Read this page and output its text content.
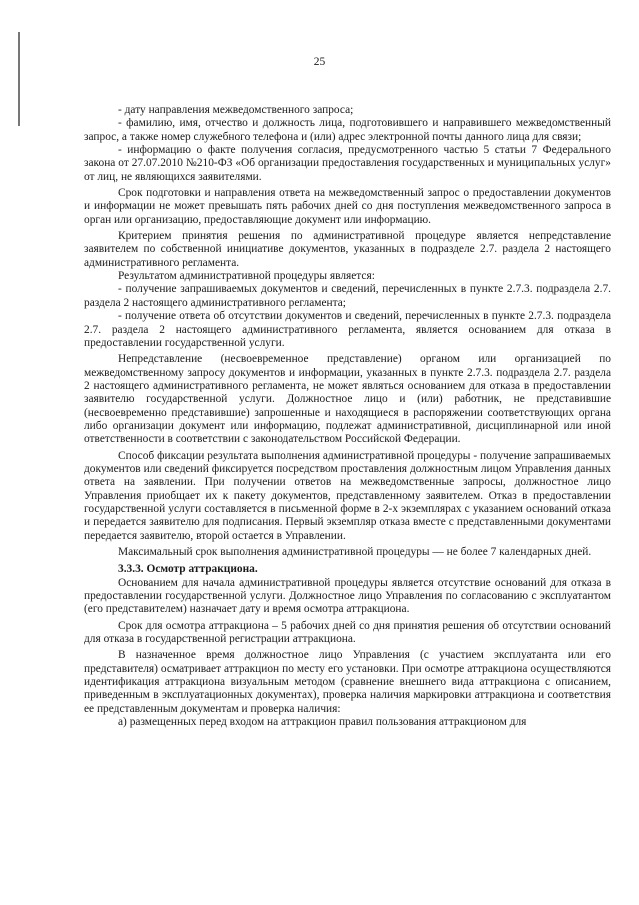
25

- дату направления межведомственного запроса;

- фамилию, имя, отчество и должность лица, подготовившего и направившего межведомственный запрос, а также номер служебного телефона и (или) адрес электронной почты данного лица для связи;

- информацию о факте получения согласия, предусмотренного частью 5 статьи 7 Федерального закона от 27.07.2010 №210-ФЗ «Об организации предоставления государственных и муниципальных услуг» от лиц, не являющихся заявителями.

Срок подготовки и направления ответа на межведомственный запрос о предоставлении документов и информации не может превышать пять рабочих дней со дня поступления межведомственного запроса в орган или организацию, предоставляющие документ или информацию.

Критерием принятия решения по административной процедуре является непредставление заявителем по собственной инициативе документов, указанных в подразделе 2.7. раздела 2 настоящего административного регламента.

Результатом административной процедуры является:

- получение запрашиваемых документов и сведений, перечисленных в пункте 2.7.3. подраздела 2.7. раздела 2 настоящего административного регламента;

- получение ответа об отсутствии документов и сведений, перечисленных в пункте 2.7.3. подраздела 2.7. раздела 2 настоящего административного регламента, является основанием для отказа в предоставлении государственной услуги.

Непредставление (несвоевременное представление) органом или организацией по межведомственному запросу документов и информации, указанных в пункте 2.7.3. подраздела 2.7. раздела 2 настоящего административного регламента, не может являться основанием для отказа в предоставлении заявителю государственной услуги. Должностное лицо и (или) работник, не представившие (несвоевременно представившие) запрошенные и находящиеся в распоряжении соответствующих органа либо организации документ или информацию, подлежат административной, дисциплинарной или иной ответственности в соответствии с законодательством Российской Федерации.

Способ фиксации результата выполнения административной процедуры - получение запрашиваемых документов или сведений фиксируется посредством проставления должностным лицом Управления данных ответа на заявлении. При получении ответов на межведомственные запросы, должностное лицо Управления приобщает их к пакету документов, представленному заявителем. Отказ в предоставлении государственной услуги составляется в письменной форме в 2-х экземплярах с указанием оснований отказа и передается заявителю для подписания. Первый экземпляр отказа вместе с представленными документами передается заявителю, второй остается в Управлении.

Максимальный срок выполнения административной процедуры — не более 7 календарных дней.

3.3.3. Осмотр аттракциона.

Основанием для начала административной процедуры является отсутствие оснований для отказа в предоставлении государственной услуги. Должностное лицо Управления по согласованию с эксплуатантом (его представителем) назначает дату и время осмотра аттракциона.

Срок для осмотра аттракциона – 5 рабочих дней со дня принятия решения об отсутствии оснований для отказа в государственной регистрации аттракциона.

В назначенное время должностное лицо Управления (с участием эксплуатанта или его представителя) осматривает аттракцион по месту его установки. При осмотре аттракциона осуществляются идентификация аттракциона визуальным методом (сравнение внешнего вида аттракциона с описанием, приведенным в эксплуатационных документах), проверка наличия маркировки аттракциона и соответствия ее представленным документам и проверка наличия:

а) размещенных перед входом на аттракцион правил пользования аттракционом для
